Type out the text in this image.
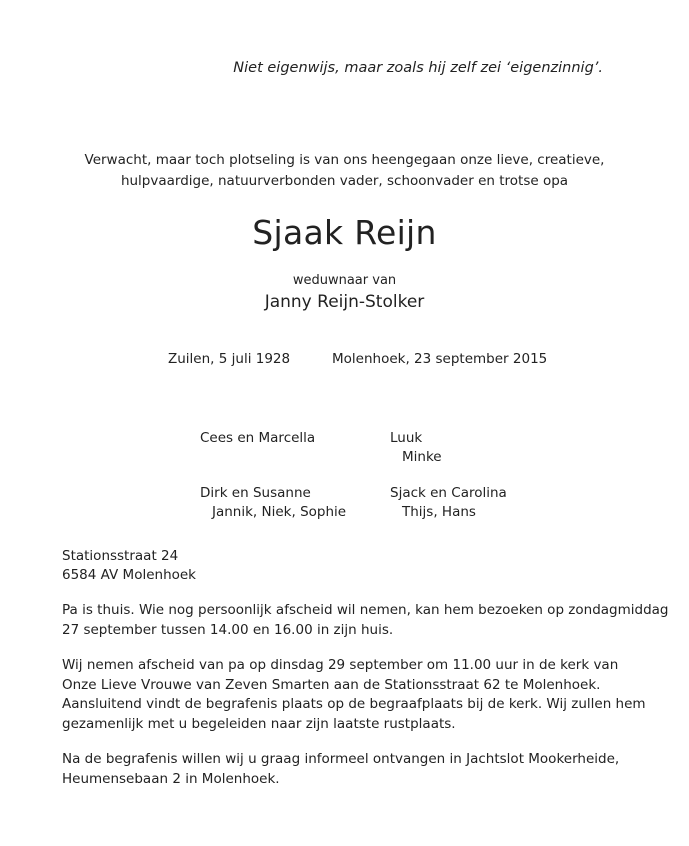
Niet eigenwijs, maar zoals hij zelf zei ‘eigenzinnig’.

Verwacht, maar toch plotseling is van ons heengegaan onze lieve, creatieve,
hulpvaardige, natuurverbonden vader, schoonvader en trotse opa

Sjaak Reijn

weduwnaar van

Janny Reijn-Stolker

Zuilen, 5 juli 1928	Molenhoek, 23 september 2015

Cees en Marcella	Luuk
Minke
Dirk en Susanne
Jannik, Niek, Sophie
Sjack en Carolina
Thijs, Hans
Stationsstraat 24
6584 AV Molenhoek

Pa is thuis. Wie nog persoonlijk afscheid wil nemen, kan hem bezoeken op zondagmiddag
27 september tussen 14.00 en 16.00 in zijn huis.

Wij nemen afscheid van pa op dinsdag 29 september om 11.00 uur in de kerk van
Onze Lieve Vrouwe van Zeven Smarten aan de Stationsstraat 62 te Molenhoek.
Aansluitend vindt de begrafenis plaats op de begraafplaats bij de kerk. Wij zullen hem
gezamenlijk met u begeleiden naar zijn laatste rustplaats.

Na de begrafenis willen wij u graag informeel ontvangen in Jachtslot Mookerheide,
Heumensebaan 2 in Molenhoek.
